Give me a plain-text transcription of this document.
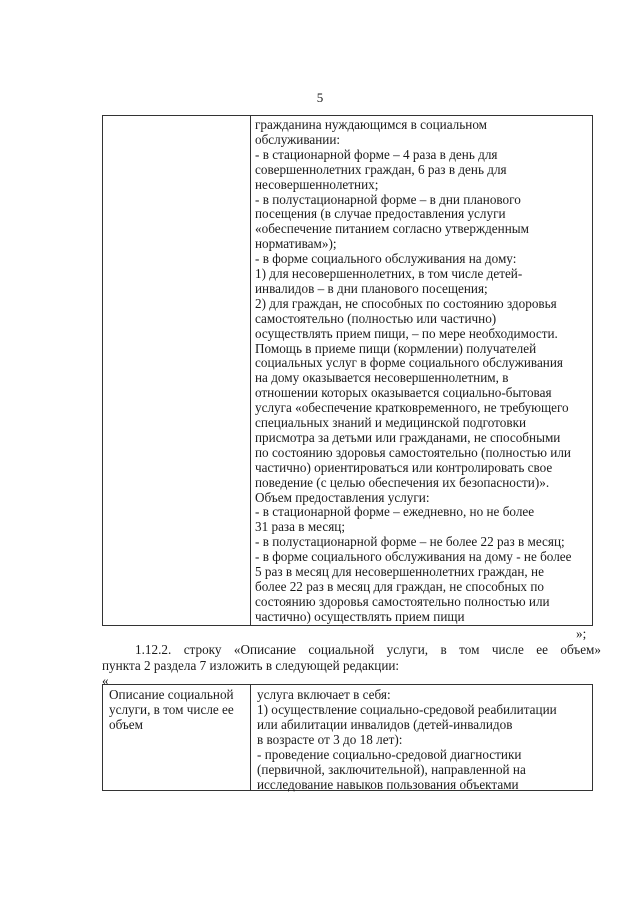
5
гражданина нуждающимся в социальном
обслуживании:
- в стационарной форме – 4 раза в день для
совершеннолетних граждан, 6 раз в день для
несовершеннолетних;
- в полустационарной форме – в дни планового
посещения (в случае предоставления услуги
«обеспечение питанием согласно утвержденным
нормативам»);
- в форме социального обслуживания на дому:
1) для несовершеннолетних, в том числе детей-
инвалидов – в дни планового посещения;
2) для граждан, не способных по состоянию здоровья
самостоятельно (полностью или частично)
осуществлять прием пищи, – по мере необходимости.
Помощь в приеме пищи (кормлении) получателей
социальных услуг в форме социального обслуживания
на дому оказывается несовершеннолетним, в
отношении которых оказывается социально-бытовая
услуга «обеспечение кратковременного, не требующего
специальных знаний и медицинской подготовки
присмотра за детьми или гражданами, не способными
по состоянию здоровья самостоятельно (полностью или
частично) ориентироваться или контролировать свое
поведение (с целью обеспечения их безопасности)».
Объем предоставления услуги:
- в стационарной форме – ежедневно, но не более
31 раза в месяц;
- в полустационарной форме – не более 22 раз в месяц;
- в форме социального обслуживания на дому - не более
5 раз в месяц для несовершеннолетних граждан, не
более 22 раз в месяц для граждан, не способных по
состоянию здоровья самостоятельно полностью или
частично) осуществлять прием пищи
»;
1.12.2. строку «Описание социальной услуги, в том числе ее объем»
пункта 2 раздела 7 изложить в следующей редакции:
«
Описание социальной
услуги, в том числе ее
объем
услуга включает в себя:
1) осуществление социально-средовой реабилитации
или абилитации инвалидов (детей-инвалидов
в возрасте от 3 до 18 лет):
- проведение социально-средовой диагностики
(первичной, заключительной), направленной на
исследование навыков пользования объектами
